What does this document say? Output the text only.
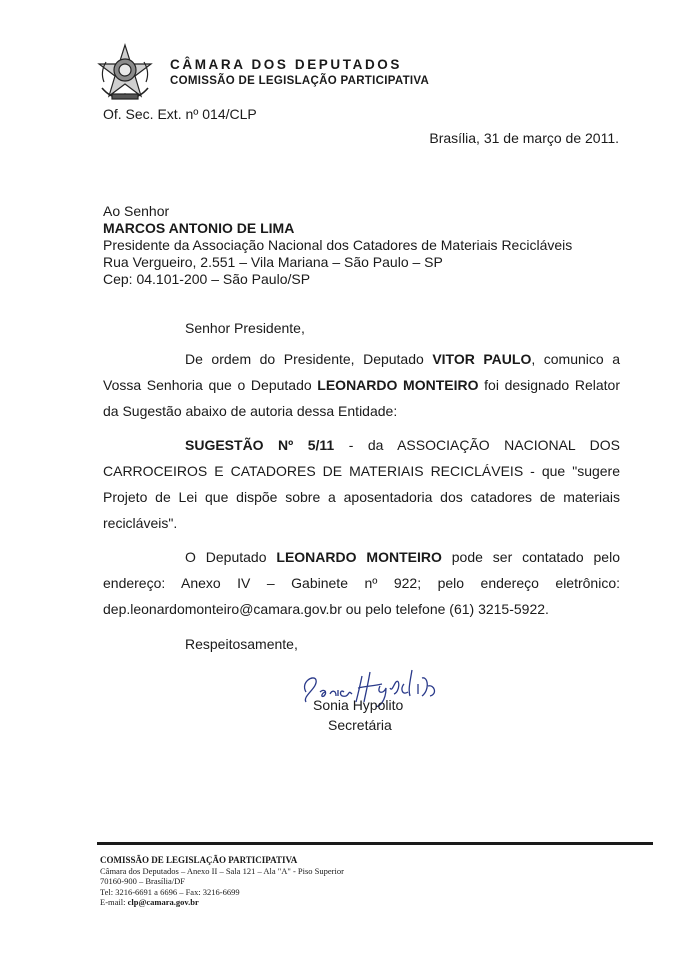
CÂMARA DOS DEPUTADOS
COMISSÃO DE LEGISLAÇÃO PARTICIPATIVA
Of. Sec. Ext. nº 014/CLP
Brasília, 31 de março de 2011.
Ao Senhor
MARCOS ANTONIO DE LIMA
Presidente da Associação Nacional dos Catadores de Materiais Recicláveis
Rua Vergueiro, 2.551 – Vila Mariana – São Paulo – SP
Cep: 04.101-200 – São Paulo/SP
Senhor Presidente,
De ordem do Presidente, Deputado VITOR PAULO, comunico a
Vossa Senhoria que o Deputado LEONARDO MONTEIRO foi designado Relator
da Sugestão abaixo de autoria dessa Entidade:
SUGESTÃO Nº 5/11 - da ASSOCIAÇÃO NACIONAL DOS
CARROCEIROS E CATADORES DE MATERIAIS RECICLÁVEIS - que "sugere
Projeto de Lei que dispõe sobre a aposentadoria dos catadores de materiais
recicláveis".
O Deputado LEONARDO MONTEIRO pode ser contatado pelo
endereço: Anexo IV – Gabinete nº 922; pelo endereço eletrônico:
dep.leonardomonteiro@camara.gov.br ou pelo telefone (61) 3215-5922.
Respeitosamente,
Sonia Hypolito
Secretária
COMISSÃO DE LEGISLAÇÃO PARTICIPATIVA
Câmara dos Deputados – Anexo II – Sala 121 – Ala "A" - Piso Superior
70160-900 – Brasília/DF
Tel: 3216-6691 a 6696 – Fax: 3216-6699
E-mail: clp@camara.gov.br
